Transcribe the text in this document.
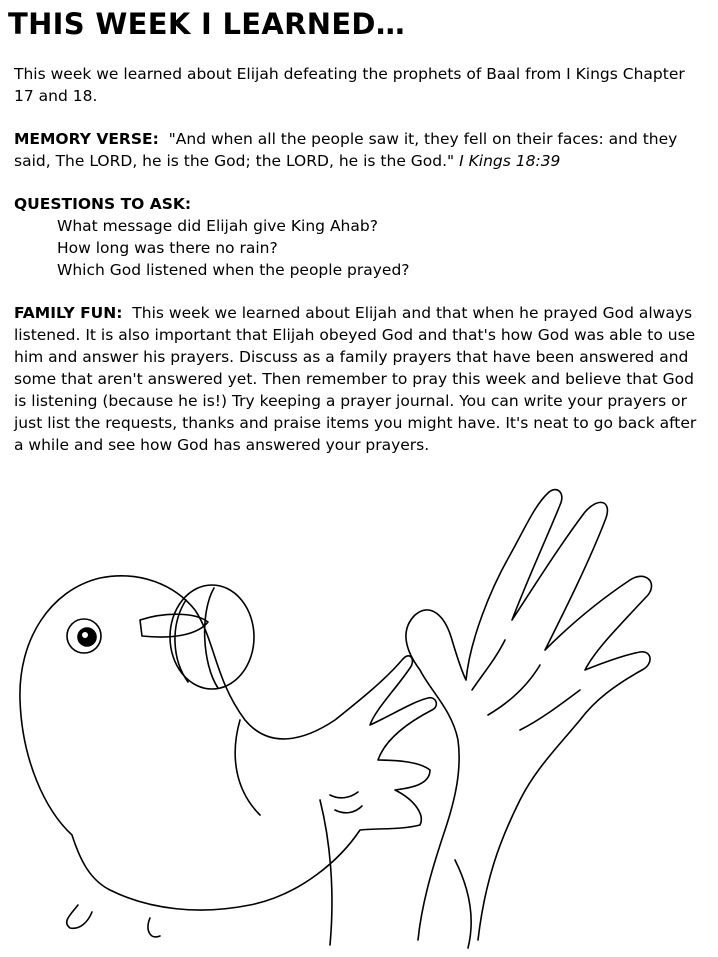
THIS WEEK I LEARNED…

This week we learned about Elijah defeating the prophets of Baal from I Kings Chapter 17 and 18.

MEMORY VERSE: "And when all the people saw it, they fell on their faces: and they said, The LORD, he is the God; the LORD, he is the God." I Kings 18:39

QUESTIONS TO ASK:
What message did Elijah give King Ahab?
How long was there no rain?
Which God listened when the people prayed?

FAMILY FUN: This week we learned about Elijah and that when he prayed God always listened. It is also important that Elijah obeyed God and that's how God was able to use him and answer his prayers. Discuss as a family prayers that have been answered and some that aren't answered yet. Then remember to pray this week and believe that God is listening (because he is!) Try keeping a prayer journal. You can write your prayers or just list the requests, thanks and praise items you might have. It's neat to go back after a while and see how God has answered your prayers.
